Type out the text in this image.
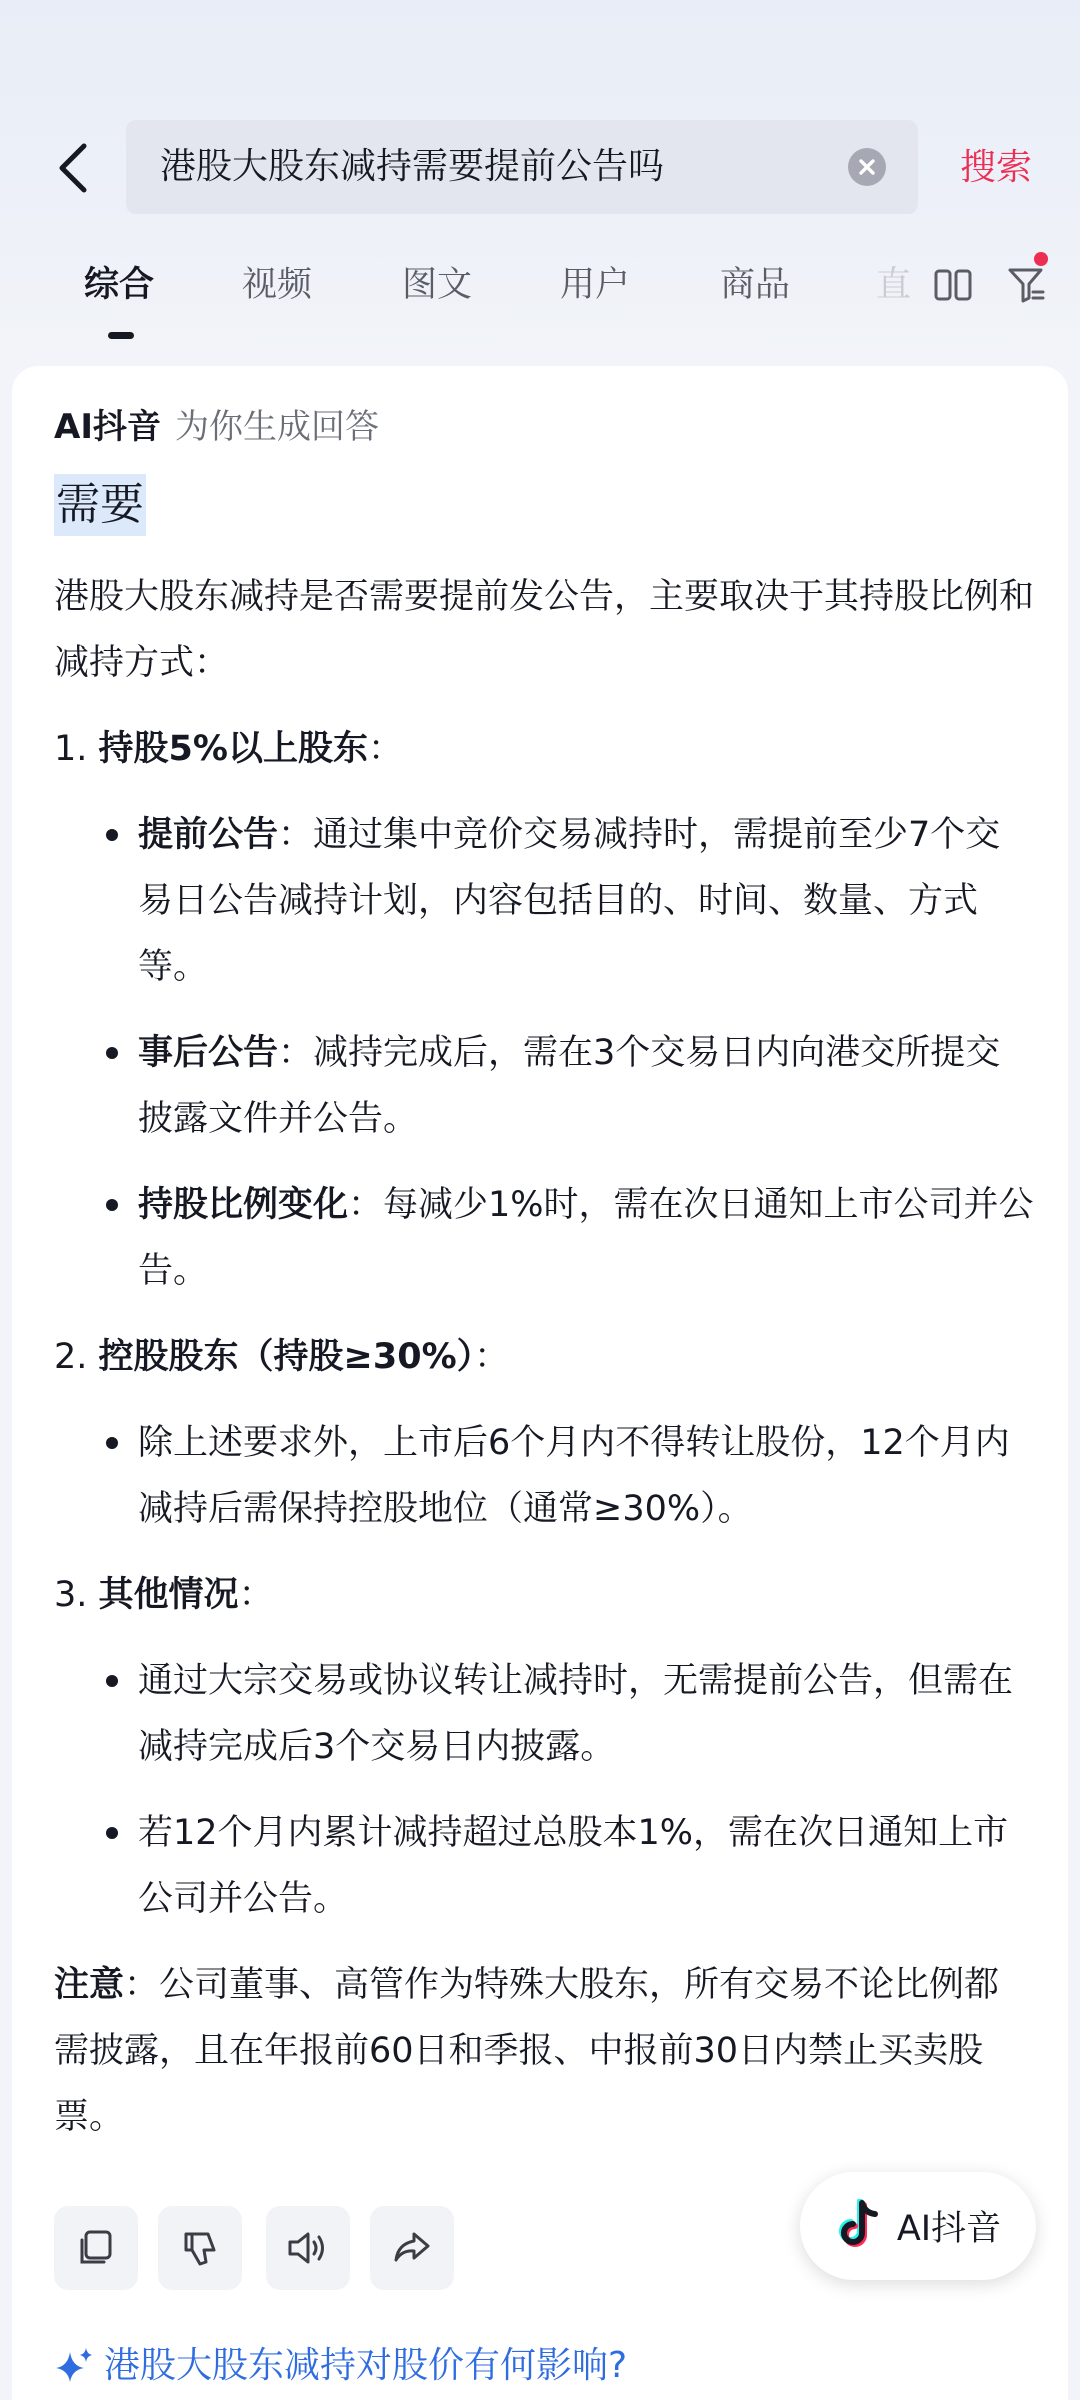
港股大股东减持需要提前公告吗	搜索
综合	视频	图文	用户	商品 直
AI抖音 为你生成回答
需要

港股大股东减持是否需要提前发公告，主要取决于其持股比例和减持方式：

1. 持股5%以上股东：
提前公告：通过集中竞价交易减持时，需提前至少7个交易日公告减持计划，内容包括目的、时间、数量、方式等。
事后公告：减持完成后，需在3个交易日内向港交所提交披露文件并公告。
持股比例变化：每减少1%时，需在次日通知上市公司并公告。
2. 控股股东（持股≥30%）：
除上述要求外，上市后6个月内不得转让股份，12个月内减持后需保持控股地位（通常≥30%）。
3. 其他情况：
通过大宗交易或协议转让减持时，无需提前公告，但需在减持完成后3个交易日内披露。
若12个月内累计减持超过总股本1%，需在次日通知上市公司并公告。

注意：公司董事、高管作为特殊大股东，所有交易不论比例都需披露，且在年报前60日和季报、中报前30日内禁止买卖股票。

AI抖音
港股大股东减持对股价有何影响?
